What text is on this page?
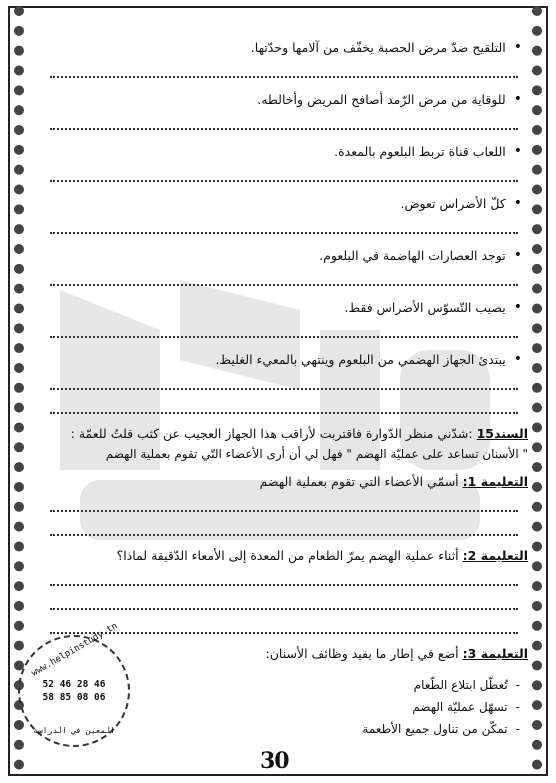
•
التلقيح ضدّ مرض الحصبة يخفّف من آلامها وحدّتها.
•
للوقاية من مرض الرّمد أصافح المريض وأخالطه.
•
اللعاب قناة تربط البلعوم بالمعدة.
•
كلّ الأضراس تعوض.
•
توجد العصارات الهاضمة في البلعوم.
•
يصيب التّسوّس الأضراس فقط.
•
يبتدئ الجهاز الهضمي من البلعوم وينتهي بالمعيء الغليظ.
السند15 :شدّني منظر الدّوارة فاقتربت لأراقب هذا الجهاز العجيب عن كثب قلتُ للعمّة :
" الأسنان تساعد على عمليّة الهضم " فهل لي أن أرى الأعضاء التّي تقوم بعملية الهضم
التعليمة 1: أسمّي الأعضاء التي تقوم بعملية الهضم
التعليمة 2: أثناء عملية الهضم يمرّ الطعام من المعدة إلى الأمعاء الدّقيقة لماذا؟
التعليمة 3: أضع في إطار ما يفيد وظائف الأسنان:
-
تُعطّل ابتلاع الطّعام
-
تسهّل عمليّة الهضم
-
تمكّن من تناول جميع الأطعمة
www.helpinstudy.tn
52 46 28 46
58 85 08 06
المعين في الدراسة
30
